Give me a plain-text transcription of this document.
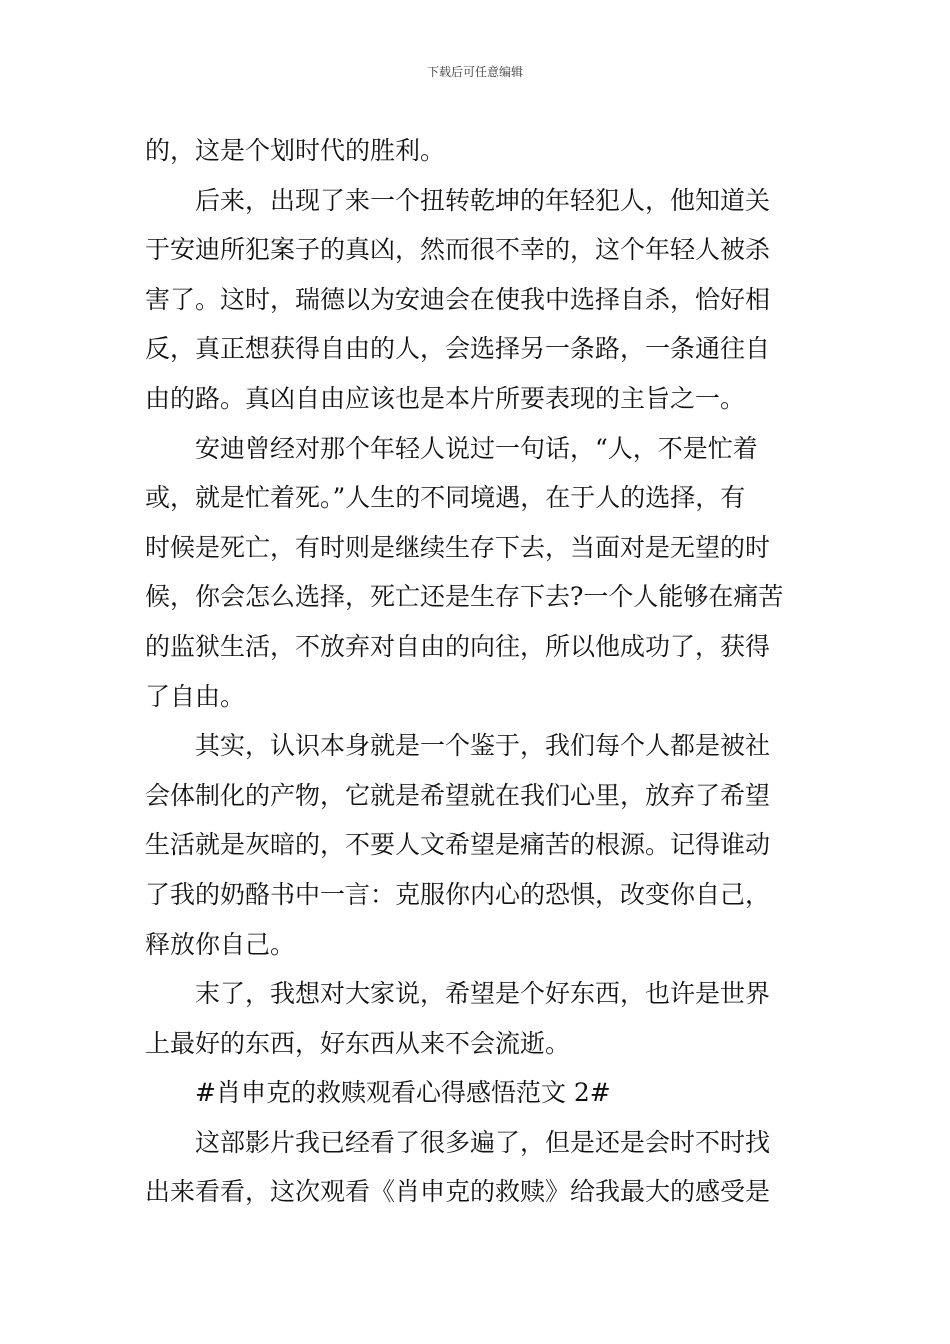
下载后可任意编辑
的，这是个划时代的胜利。
后来，出现了来一个扭转乾坤的年轻犯人，他知道关
于安迪所犯案子的真凶，然而很不幸的，这个年轻人被杀
害了。这时，瑞德以为安迪会在使我中选择自杀，恰好相
反，真正想获得自由的人，会选择另一条路，一条通往自
由的路。真凶自由应该也是本片所要表现的主旨之一。
安迪曾经对那个年轻人说过一句话，“人，不是忙着
或，就是忙着死。”人生的不同境遇，在于人的选择，有
时候是死亡，有时则是继续生存下去，当面对是无望的时
候，你会怎么选择，死亡还是生存下去?一个人能够在痛苦
的监狱生活，不放弃对自由的向往，所以他成功了，获得
了自由。
其实，认识本身就是一个鉴于，我们每个人都是被社
会体制化的产物，它就是希望就在我们心里，放弃了希望
生活就是灰暗的，不要人文希望是痛苦的根源。记得谁动
了我的奶酪书中一言：克服你内心的恐惧，改变你自己，
释放你自己。
末了，我想对大家说，希望是个好东西，也许是世界
上最好的东西，好东西从来不会流逝。
#肖申克的救赎观看心得感悟范文 2#
这部影片我已经看了很多遍了，但是还是会时不时找
出来看看，这次观看《肖申克的救赎》给我最大的感受是
